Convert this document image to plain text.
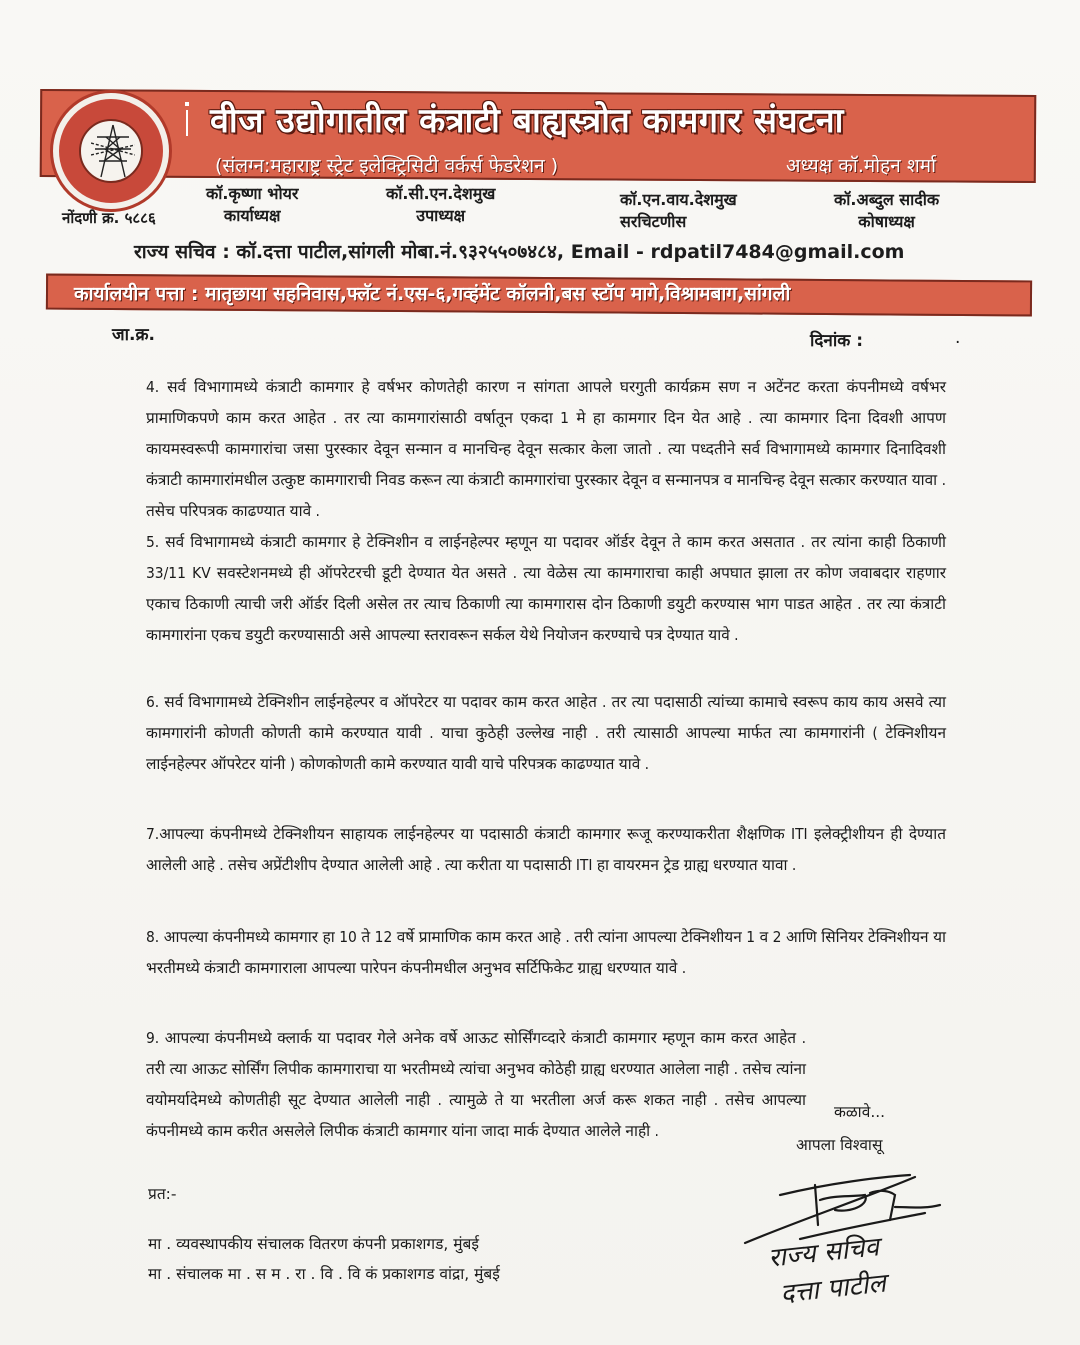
वीज उद्योगातील कंत्राटी बाह्यस्त्रोत कामगार संघटना
(संलग्न:महाराष्ट्र स्ट्रेट इलेक्ट्रिसिटी वर्कर्स फेडरेशन )	अध्यक्ष कॉ.मोहन शर्मा
नोंदणी क्र. ५८८६
कॉ.कृष्णा भोयर
कार्याध्यक्ष
कॉ.सी.एन.देशमुख
उपाध्यक्ष
कॉ.एन.वाय.देशमुख
सरचिटणीस
कॉ.अब्दुल सादीक
कोषाध्यक्ष
राज्य सचिव : कॉ.दत्ता पाटील,सांगली मोबा.नं.९३२५५०७४८४, Email - rdpatil7484@gmail.com
कार्यालयीन पत्ता : मातृछाया सहनिवास,फ्लॅट नं.एस-६,गव्हंमेंट कॉलनी,बस स्टॉप मागे,विश्रामबाग,सांगली
जा.क्र.	दिनांक :	.

4. सर्व विभागामध्ये कंत्राटी कामगार हे वर्षभर कोणतेही कारण न सांगता आपले घरगुती कार्यक्रम सण न अटेंनट करता कंपनीमध्ये वर्षभर प्रामाणिकपणे काम करत आहेत . तर त्या कामगारांसाठी वर्षातून एकदा 1 मे हा कामगार दिन येत आहे . त्या कामगार दिना दिवशी आपण कायमस्वरूपी कामगारांचा जसा पुरस्कार देवून सन्मान व मानचिन्ह देवून सत्कार केला जातो . त्या पध्दतीने सर्व विभागामध्ये कामगार दिनादिवशी कंत्राटी कामगारांमधील उत्कुष्ट कामगाराची निवड करून त्या कंत्राटी कामगारांचा पुरस्कार देवून व सन्मानपत्र व मानचिन्ह देवून सत्कार करण्यात यावा . तसेच परिपत्रक काढण्यात यावे .

5. सर्व विभागामध्ये कंत्राटी कामगार हे टेक्निशीन व लाईनहेल्पर म्हणून या पदावर ऑर्डर देवून ते काम करत असतात . तर त्यांना काही ठिकाणी 33/11 KV सवस्टेशनमध्ये ही ऑपरेटरची डूटी देण्यात येत असते . त्या वेळेस त्या कामगाराचा काही अपघात झाला तर कोण जवाबदार राहणार एकाच ठिकाणी त्याची जरी ऑर्डर दिली असेल तर त्याच ठिकाणी त्या कामगारास दोन ठिकाणी डयुटी करण्यास भाग पाडत आहेत . तर त्या कंत्राटी कामगारांना एकच डयुटी करण्यासाठी असे आपल्या स्तरावरून सर्कल येथे नियोजन करण्याचे पत्र देण्यात यावे .

6. सर्व विभागामध्ये टेक्निशीन लाईनहेल्पर व ऑपरेटर या पदावर काम करत आहेत . तर त्या पदासाठी त्यांच्या कामाचे स्वरूप काय काय असवे त्या कामगारांनी कोणती कोणती कामे करण्यात यावी . याचा कुठेही उल्लेख नाही . तरी त्यासाठी आपल्या मार्फत त्या कामगारांनी ( टेक्निशीयन लाईनहेल्पर ऑपरेटर यांनी ) कोणकोणती कामे करण्यात यावी याचे परिपत्रक काढण्यात यावे .

7.आपल्या कंपनीमध्ये टेक्निशीयन साहायक लाईनहेल्पर या पदासाठी कंत्राटी कामगार रूजू करण्याकरीता शैक्षणिक ITI इलेक्ट्रीशीयन ही देण्यात आलेली आहे . तसेच अप्रेंटीशीप देण्यात आलेली आहे . त्या करीता या पदासाठी ITI हा वायरमन ट्रेड ग्राह्य धरण्यात यावा .

8. आपल्या कंपनीमध्ये कामगार हा 10 ते 12 वर्षे प्रामाणिक काम करत आहे . तरी त्यांना आपल्या टेक्निशीयन 1 व 2 आणि सिनियर टेक्निशीयन या भरतीमध्ये कंत्राटी कामगाराला आपल्या पारेपन कंपनीमधील अनुभव सर्टिफिकेट ग्राह्य धरण्यात यावे .

9. आपल्या कंपनीमध्ये क्लार्क या पदावर गेले अनेक वर्षे आऊट सोर्सिंगव्दारे कंत्राटी कामगार म्हणून काम करत आहेत . तरी त्या आऊट सोर्सिंग लिपीक कामगाराचा या भरतीमध्ये त्यांचा अनुभव कोठेही ग्राह्य धरण्यात आलेला नाही . तसेच त्यांना वयोमर्यादेमध्ये कोणतीही सूट देण्यात आलेली नाही . त्यामुळे ते या भरतीला अर्ज करू शकत नाही . तसेच आपल्या कंपनीमध्ये काम करीत असलेले लिपीक कंत्राटी कामगार यांना जादा मार्क देण्यात आलेले नाही .

कळावे...
आपला विश्वासू
प्रत:-
मा . व्यवस्थापकीय संचालक वितरण कंपनी प्रकाशगड, मुंबई
मा . संचालक मा . स म . रा . वि . वि कं प्रकाशगड वांद्रा, मुंबई
राज्य सचिव
दत्ता पाटील
